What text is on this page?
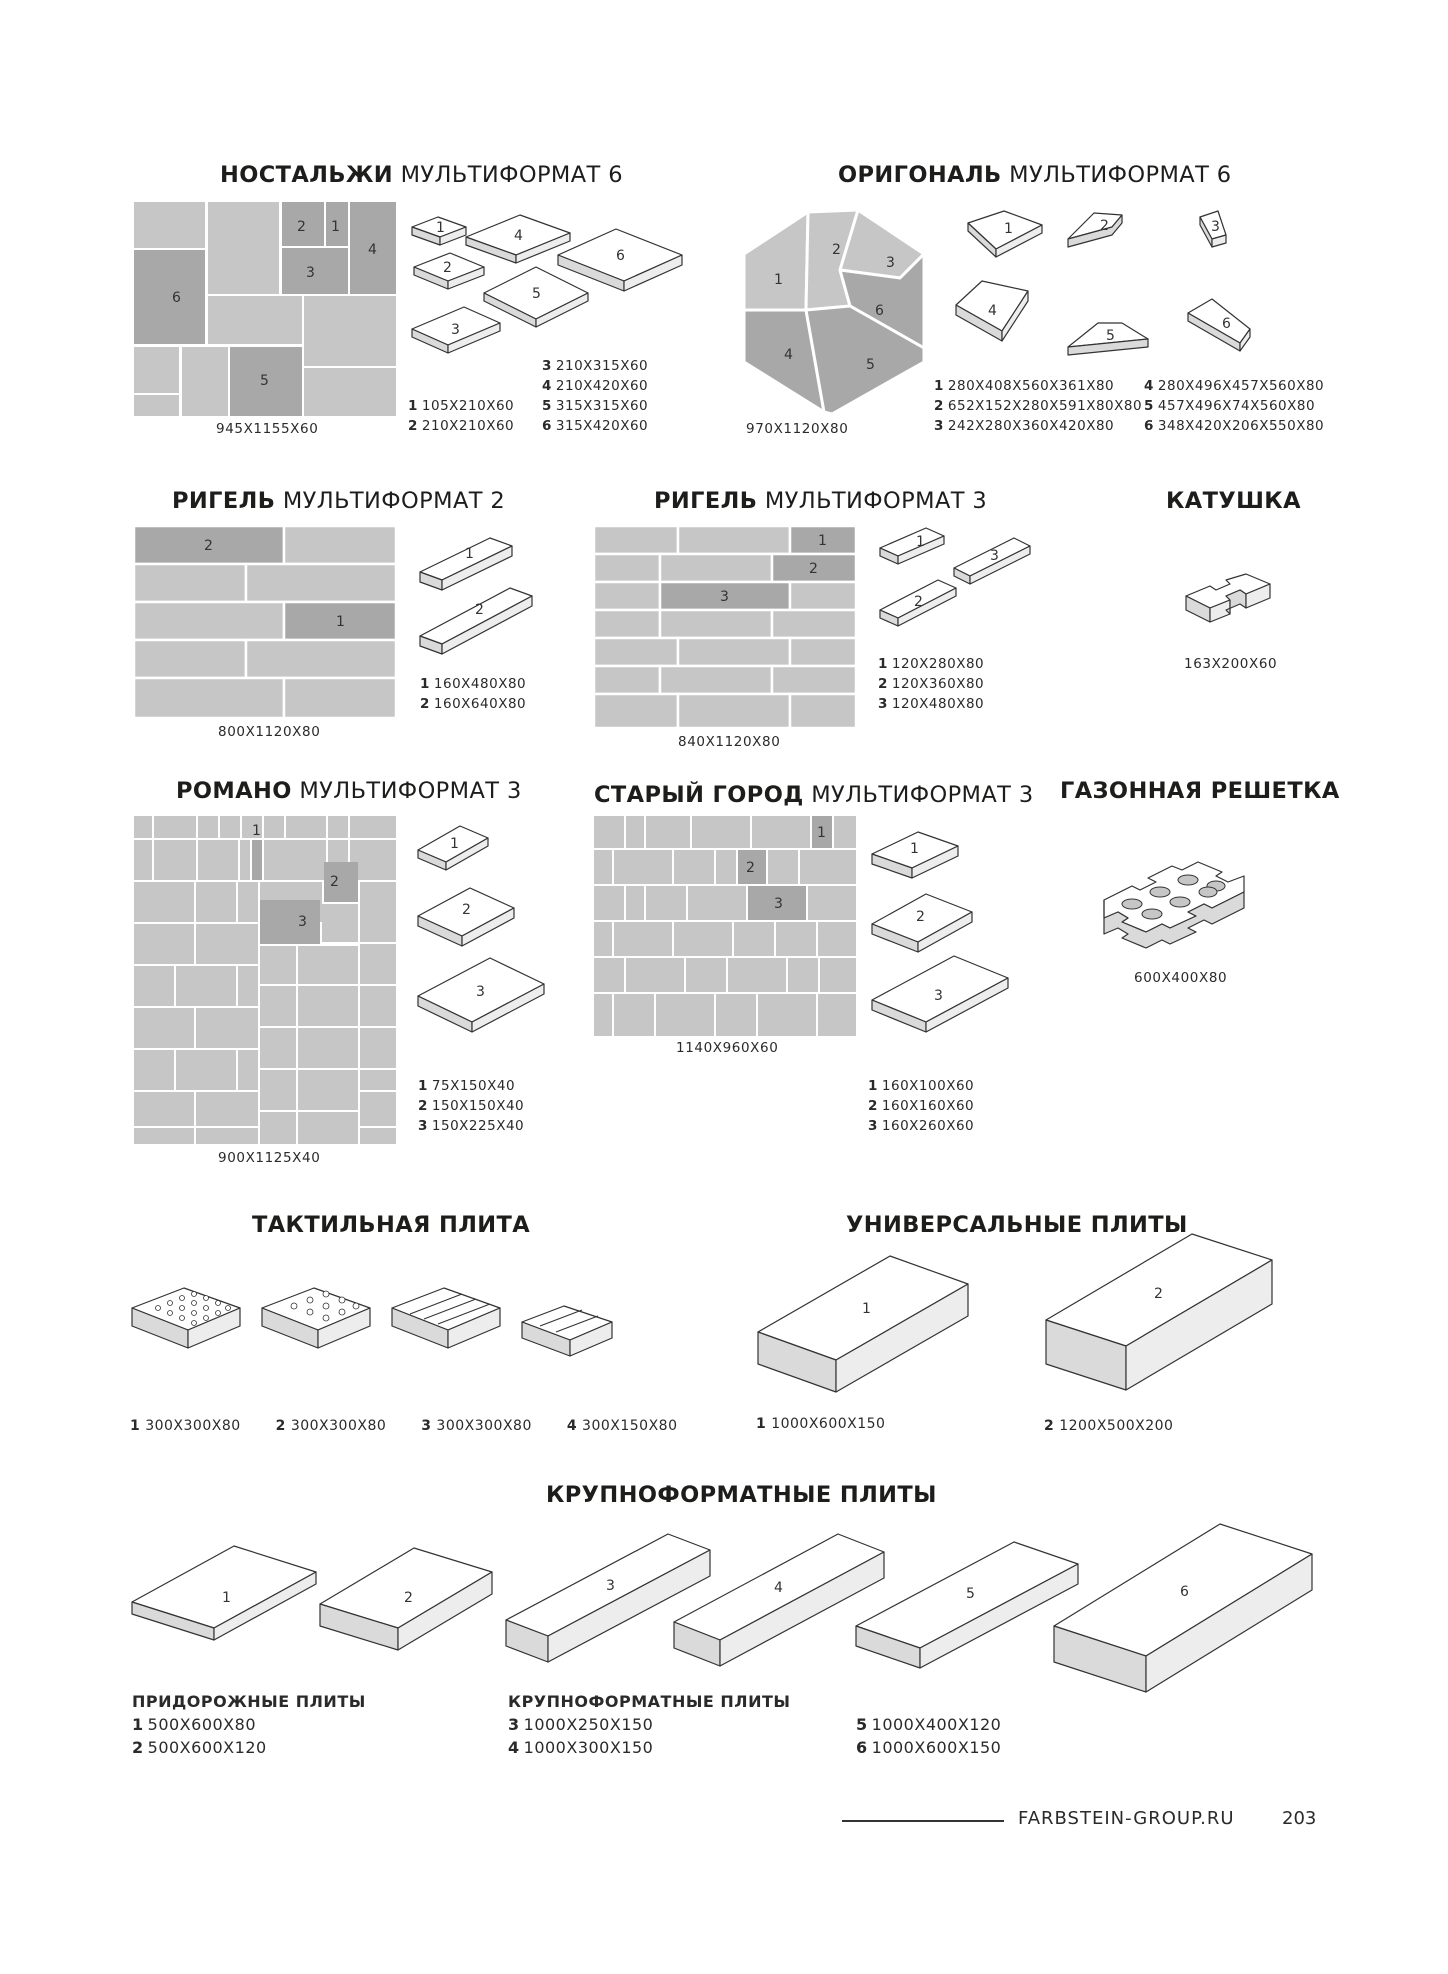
НОСТАЛЬЖИ МУЛЬТИФОРМАТ 6
6
2 1
4
3
5
945Х1155Х60
1	4
6
2
5
3
3 210Х315Х60
4 210Х420Х60
5 315Х315Х60
6 315Х420Х60
1 105Х210Х60
2 210Х210Х60
ОРИГОНАЛЬ МУЛЬТИФОРМАТ 6
1
2
3
6
4
5
970Х1120Х80
1	2	3
4
5
6
1 280Х408Х560Х361Х80
2 652Х152Х280Х591Х80Х80
3 242Х280Х360Х420Х80
4 280Х496Х457Х560Х80
5 457Х496Х74Х560Х80
6 348Х420Х206Х550Х80
РИГЕЛЬ МУЛЬТИФОРМАТ 2
2
1
800Х1120Х80
1
2
1 160Х480Х80
2 160Х640Х80
РИГЕЛЬ МУЛЬТИФОРМАТ 3
1
2
3
840Х1120Х80
1
3
2
1 120Х280Х80
2 120Х360Х80
3 120Х480Х80
КАТУШКА
163Х200Х60
РОМАНО МУЛЬТИФОРМАТ 3
1
2
3
900Х1125Х40
1
2
3
1 75Х150Х40
2 150Х150Х40
3 150Х225Х40
СТАРЫЙ ГОРОД МУЛЬТИФОРМАТ 3
1
2
3
1140Х960Х60
1
2
3
1 160Х100Х60
2 160Х160Х60
3 160Х260Х60
ГАЗОННАЯ РЕШЕТКА
600Х400Х80
ТАКТИЛЬНАЯ ПЛИТА
1 300Х300Х80 2 300Х300Х80 3 300Х300Х80 4 300Х150Х80
УНИВЕРСАЛЬНЫЕ ПЛИТЫ
1
2
1 1000Х600Х150	2 1200Х500Х200
КРУПНОФОРМАТНЫЕ ПЛИТЫ
1	2
3	4	5	6
ПРИДОРОЖНЫЕ ПЛИТЫ
1 500Х600Х80
2 500Х600Х120
КРУПНОФОРМАТНЫЕ ПЛИТЫ
3 1000Х250Х150
4 1000Х300Х150
5 1000Х400Х120
6 1000Х600Х150
FARBSTEIN-GROUP.RU	203
